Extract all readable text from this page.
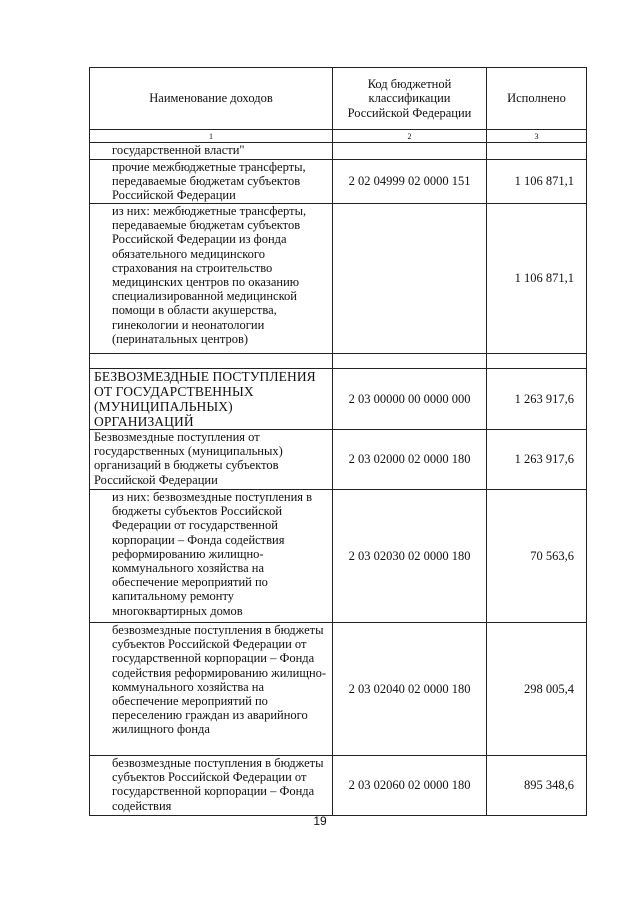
Наименование доходов	Код бюджетной классификации Российской Федерации	Исполнено
1	2	3
государственной власти"		
прочие межбюджетные трансферты, передаваемые бюджетам субъектов Российской Федерации	2 02 04999 02 0000 151	1 106 871,1
из них: межбюджетные трансферты, передаваемые бюджетам субъектов Российской Федерации из фонда обязательного медицинского страхования на строительство медицинских центров по оказанию специализированной медицинской помощи в области акушерства, гинекологии и неонатологии (перинатальных центров)		1 106 871,1

БЕЗВОЗМЕЗДНЫЕ ПОСТУПЛЕНИЯ ОТ ГОСУДАРСТВЕННЫХ (МУНИЦИПАЛЬНЫХ) ОРГАНИЗАЦИЙ	2 03 00000 00 0000 000	1 263 917,6
Безвозмездные поступления от государственных (муниципальных) организаций в бюджеты субъектов Российской Федерации	2 03 02000 02 0000 180	1 263 917,6
из них: безвозмездные поступления в бюджеты субъектов Российской Федерации от государственной корпорации – Фонда содействия реформированию жилищно-коммунального хозяйства на обеспечение мероприятий по капитальному ремонту многоквартирных домов	2 03 02030 02 0000 180	70 563,6
безвозмездные поступления в бюджеты субъектов Российской Федерации от государственной корпорации – Фонда содействия реформированию жилищно-коммунального хозяйства на обеспечение мероприятий по переселению граждан из аварийного жилищного фонда	2 03 02040 02 0000 180	298 005,4
безвозмездные поступления в бюджеты субъектов Российской Федерации от государственной корпорации – Фонда содействия	2 03 02060 02 0000 180	895 348,6
19
